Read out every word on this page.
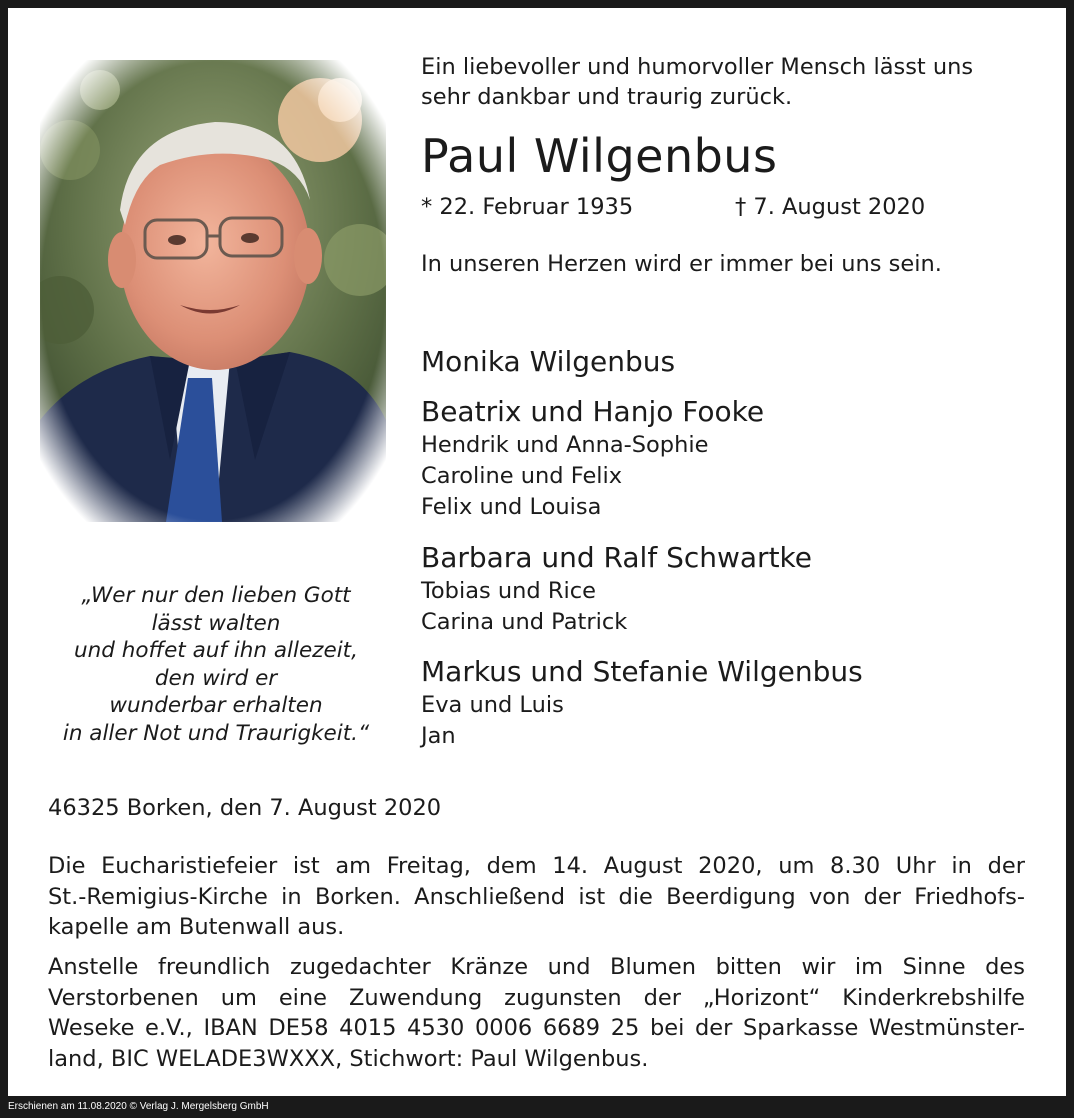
„Wer nur den lieben Gott
lässt walten
und hoffet auf ihn allezeit,
den wird er
wunderbar erhalten
in aller Not und Traurigkeit.“
Ein liebevoller und humorvoller Mensch lässt uns
sehr dankbar und traurig zurück.
Paul Wilgenbus
* 22. Februar 1935	† 7. August 2020
In unseren Herzen wird er immer bei uns sein.
Monika Wilgenbus
Beatrix und Hanjo Fooke
Hendrik und Anna-Sophie
Caroline und Felix
Felix und Louisa
Barbara und Ralf Schwartke
Tobias und Rice
Carina und Patrick
Markus und Stefanie Wilgenbus
Eva und Luis
Jan
46325 Borken, den 7. August 2020
Die Eucharistiefeier ist am Freitag, dem 14. August 2020, um 8.30 Uhr in der
St.-Remigius-Kirche in Borken. Anschließend ist die Beerdigung von der Friedhofs-
kapelle am Butenwall aus.
Anstelle freundlich zugedachter Kränze und Blumen bitten wir im Sinne des
Verstorbenen um eine Zuwendung zugunsten der „Horizont“ Kinderkrebshilfe
Weseke e.V., IBAN DE58 4015 4530 0006 6689 25 bei der Sparkasse Westmünster-
land, BIC WELADE3WXXX, Stichwort: Paul Wilgenbus.
Erschienen am 11.08.2020 © Verlag J. Mergelsberg GmbH
